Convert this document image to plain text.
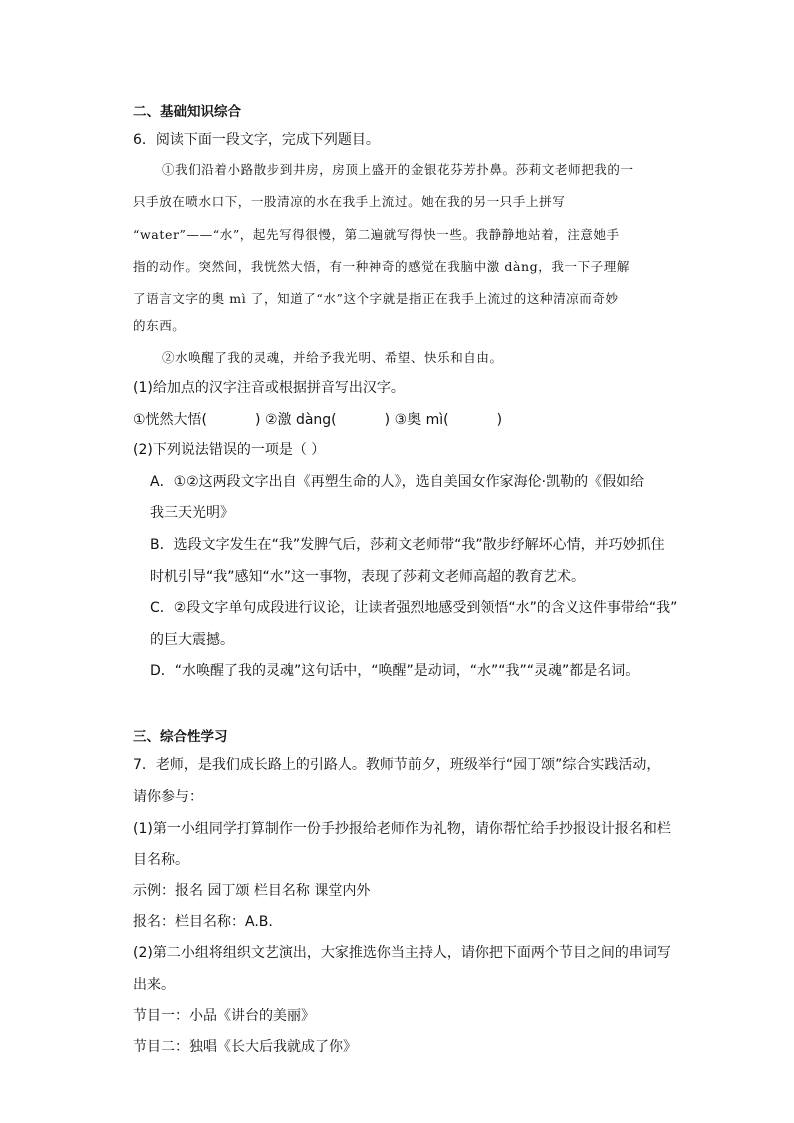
二、基础知识综合
6．阅读下面一段文字，完成下列题目。
①我们沿着小路散步到井房，房顶上盛开的金银花芬芳扑鼻。莎莉文老师把我的一
只手放在喷水口下，一股清凉的水在我手上流过。她在我的另一只手上拼写
“water”——“水”，起先写得很慢，第二遍就写得快一些。我静静地站着，注意她手
指的动作。突然间，我恍然大悟，有一种神奇的感觉在我脑中激 dàng，我一下子理解
了语言文字的奥 mì 了，知道了“水”这个字就是指正在我手上流过的这种清凉而奇妙
的东西。
②水唤醒了我的灵魂，并给予我光明、希望、快乐和自由。
(1)给加点的汉字注音或根据拼音写出汉字。
①恍然大悟(	) ②激 dàng(	) ③奥 mì(	)
(2)下列说法错误的一项是（ ）
A．①②这两段文字出自《再塑生命的人》，选自美国女作家海伦·凯勒的《假如给
我三天光明》
B．选段文字发生在“我”发脾气后，莎莉文老师带“我”散步纾解坏心情，并巧妙抓住
时机引导“我”感知“水”这一事物，表现了莎莉文老师高超的教育艺术。
C．②段文字单句成段进行议论，让读者强烈地感受到领悟“水”的含义这件事带给“我”
的巨大震撼。
D．“水唤醒了我的灵魂”这句话中，“唤醒”是动词，“水”“我”“灵魂”都是名词。
三、综合性学习
7．老师，是我们成长路上的引路人。教师节前夕，班级举行“园丁颂”综合实践活动，
请你参与：
(1)第一小组同学打算制作一份手抄报给老师作为礼物，请你帮忙给手抄报设计报名和栏
目名称。
示例：报名 园丁颂 栏目名称 课堂内外
报名：栏目名称：A.B.
(2)第二小组将组织文艺演出，大家推选你当主持人，请你把下面两个节目之间的串词写
出来。
节目一：小品《讲台的美丽》
节目二：独唱《长大后我就成了你》
